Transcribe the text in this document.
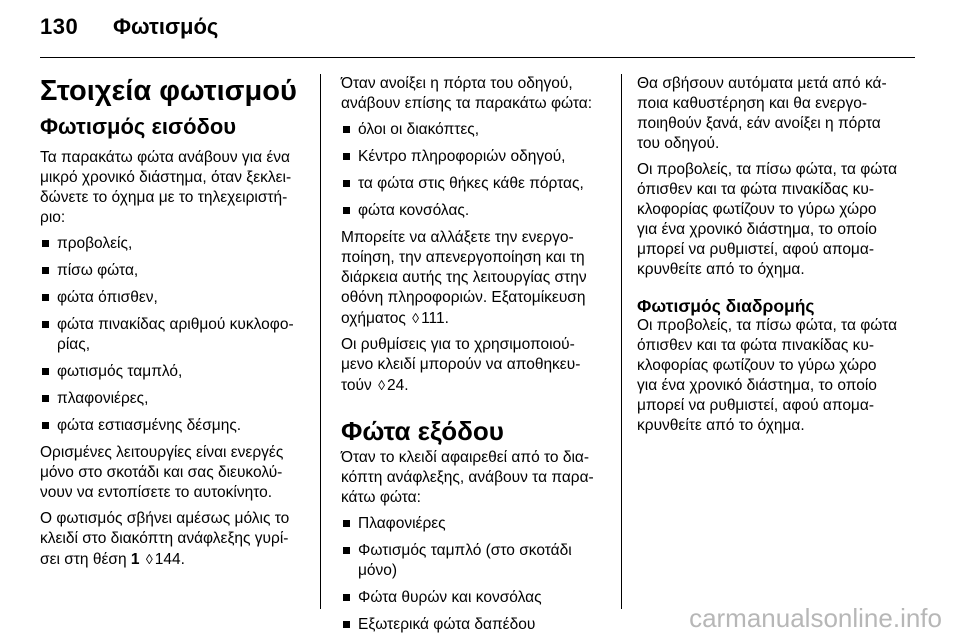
130 Φωτισμός
Στοιχεία φωτισμού
Φωτισμός εισόδου

Τα παρακάτω φώτα ανάβουν για ένα
μικρό χρονικό διάστημα, όταν ξεκλει-
δώνετε το όχημα με το τηλεχειριστή-
ριο:

προβολείς,
πίσω φώτα,
φώτα όπισθεν,
φώτα πινακίδας αριθμού κυκλοφο-
ρίας,
φωτισμός ταμπλό,
πλαφονιέρες,
φώτα εστιασμένης δέσμης.

Ορισμένες λειτουργίες είναι ενεργές
μόνο στο σκοτάδι και σας διευκολύ-
νουν να εντοπίσετε το αυτοκίνητο.

Ο φωτισμός σβήνει αμέσως μόλις το
κλειδί στο διακόπτη ανάφλεξης γυρί-
σει στη θέση 1 ◊ 144.

Όταν ανοίξει η πόρτα του οδηγού,
ανάβουν επίσης τα παρακάτω φώτα:

όλοι οι διακόπτες,
Κέντρο πληροφοριών οδηγού,
τα φώτα στις θήκες κάθε πόρτας,
φώτα κονσόλας.

Μπορείτε να αλλάξετε την ενεργο-
ποίηση, την απενεργοποίηση και τη
διάρκεια αυτής της λειτουργίας στην
οθόνη πληροφοριών. Εξατομίκευση
οχήματος ◊ 111.

Οι ρυθμίσεις για το χρησιμοποιού-
μενο κλειδί μπορούν να αποθηκευ-
τούν ◊ 24.

Φώτα εξόδου

Όταν το κλειδί αφαιρεθεί από το δια-
κόπτη ανάφλεξης, ανάβουν τα παρα-
κάτω φώτα:

Πλαφονιέρες
Φωτισμός ταμπλό (στο σκοτάδι
μόνο)
Φώτα θυρών και κονσόλας
Εξωτερικά φώτα δαπέδου

Θα σβήσουν αυτόματα μετά από κά-
ποια καθυστέρηση και θα ενεργο-
ποιηθούν ξανά, εάν ανοίξει η πόρτα
του οδηγού.

Οι προβολείς, τα πίσω φώτα, τα φώτα
όπισθεν και τα φώτα πινακίδας κυ-
κλοφορίας φωτίζουν το γύρω χώρο
για ένα χρονικό διάστημα, το οποίο
μπορεί να ρυθμιστεί, αφού απομα-
κρυνθείτε από το όχημα.

Φωτισμός διαδρομής

Οι προβολείς, τα πίσω φώτα, τα φώτα
όπισθεν και τα φώτα πινακίδας κυ-
κλοφορίας φωτίζουν το γύρω χώρο
για ένα χρονικό διάστημα, το οποίο
μπορεί να ρυθμιστεί, αφού απομα-
κρυνθείτε από το όχημα.

carmanualsonline.info
